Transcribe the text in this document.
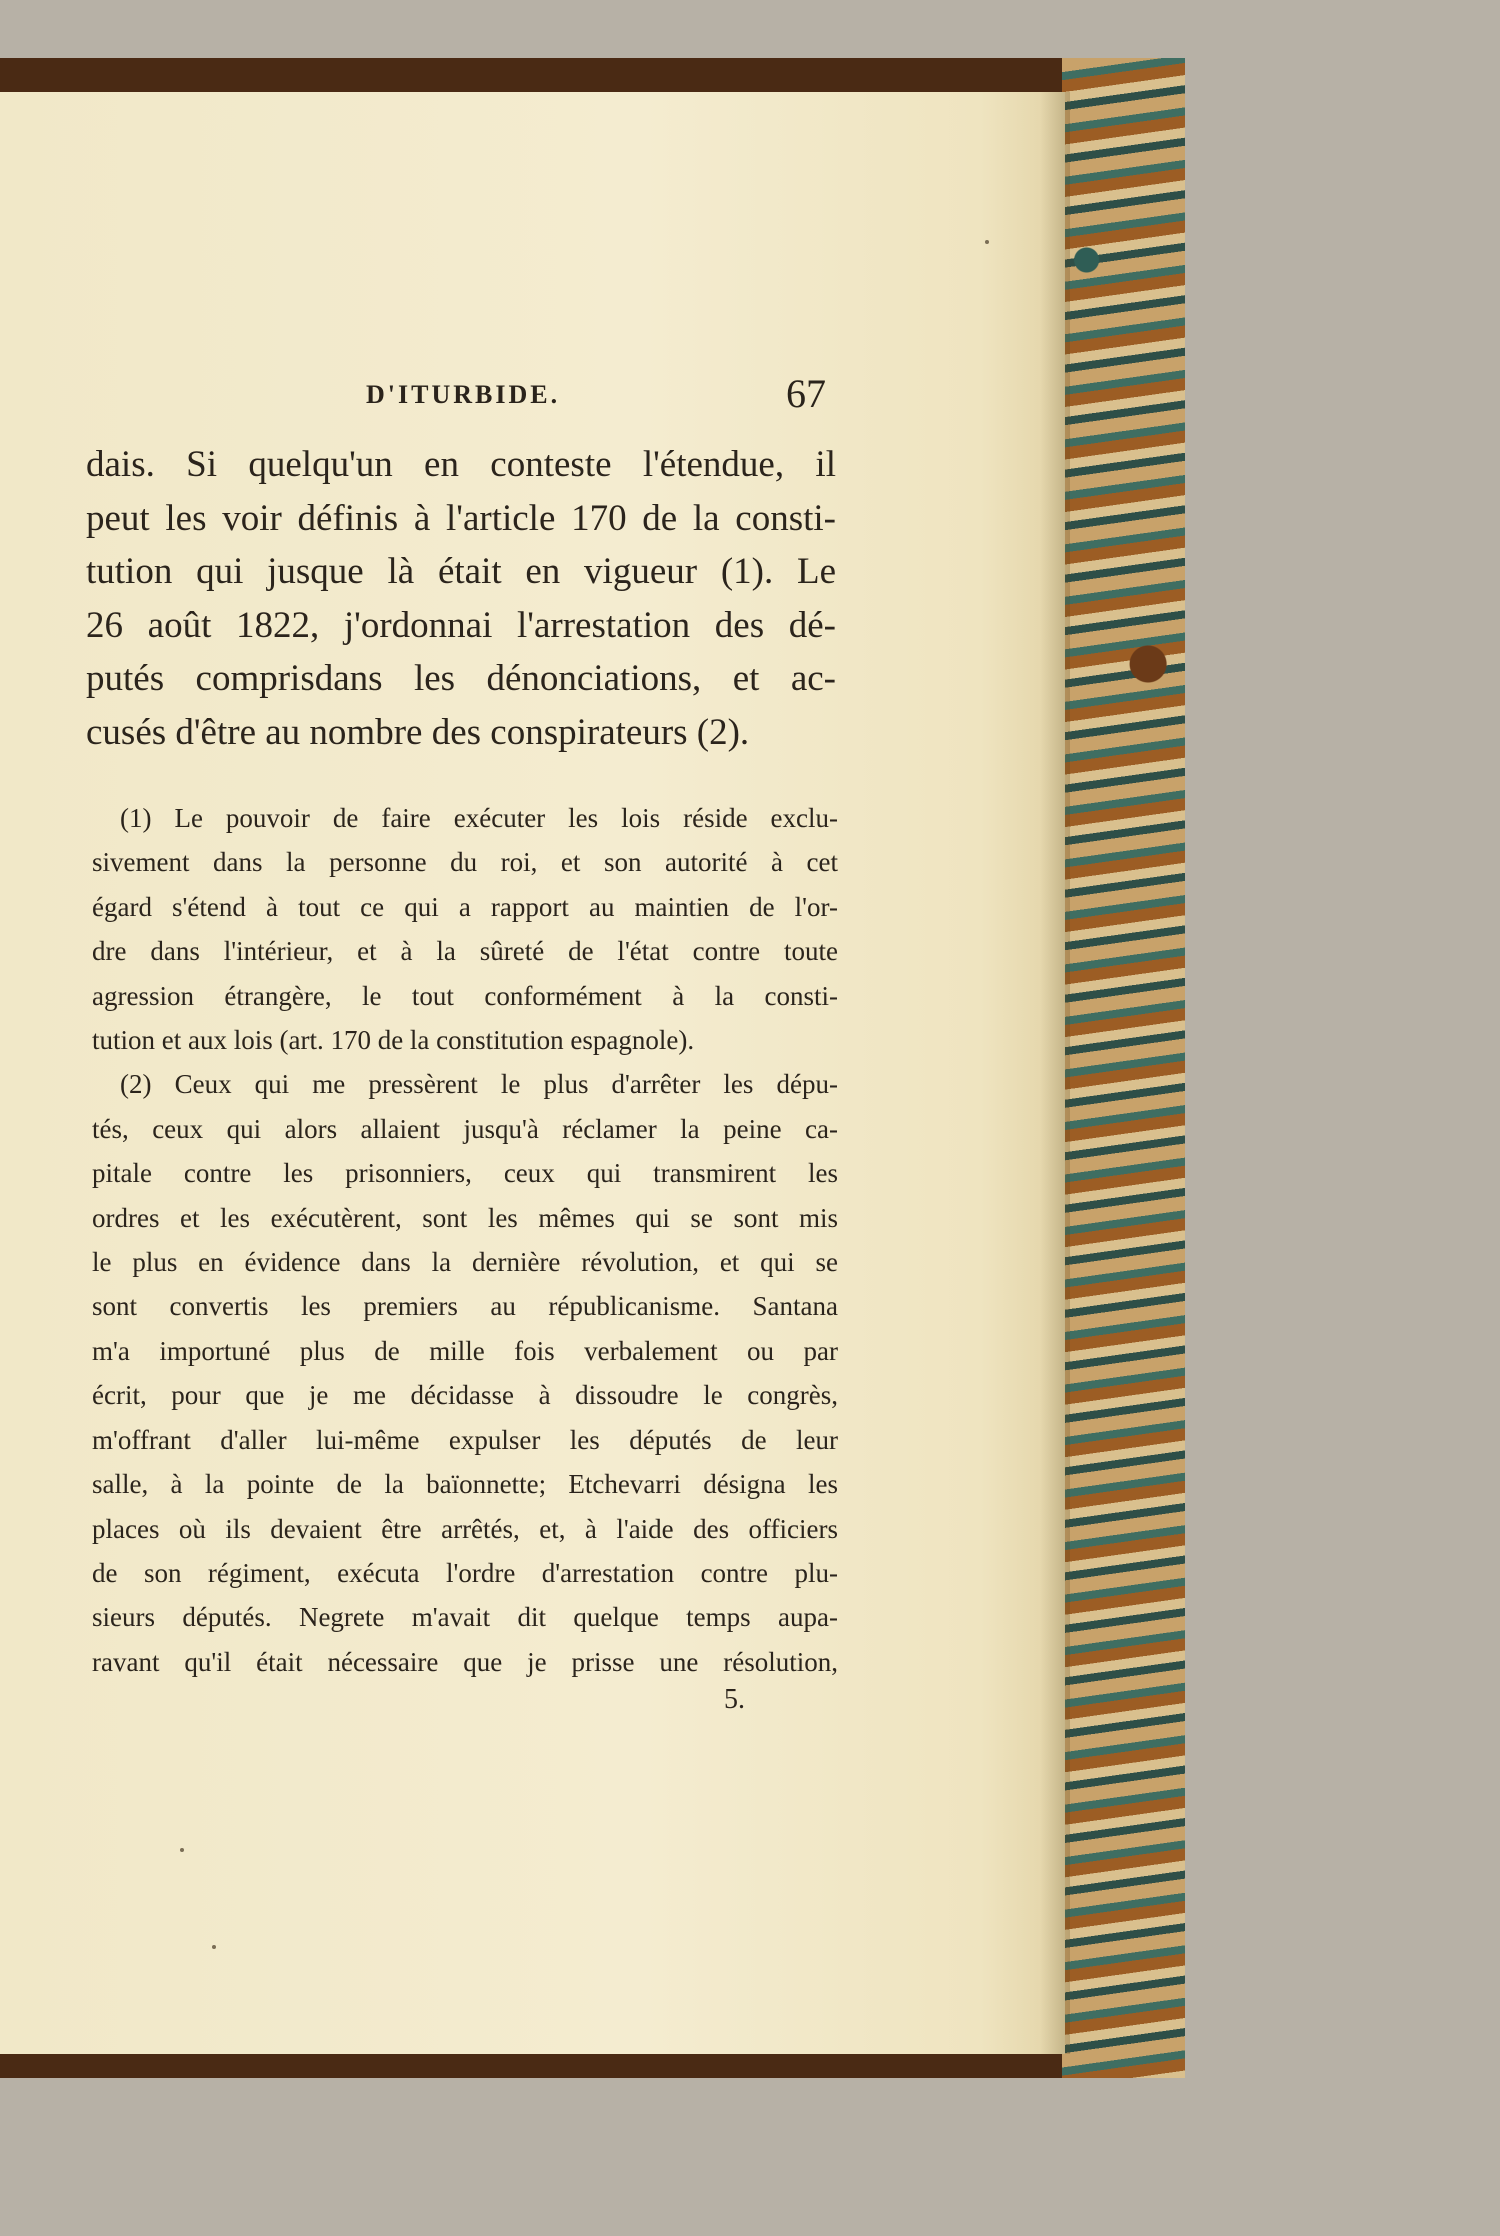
D'ITURBIDE.	67
dais. Si quelqu'un en conteste l'étendue, il
peut les voir définis à l'article 170 de la consti-
tution qui jusque là était en vigueur (1). Le
26 août 1822, j'ordonnai l'arrestation des dé-
putés comprisdans les dénonciations, et ac-
cusés d'être au nombre des conspirateurs (2).
(1) Le pouvoir de faire exécuter les lois réside exclu-
sivement dans la personne du roi, et son autorité à cet
égard s'étend à tout ce qui a rapport au maintien de l'or-
dre dans l'intérieur, et à la sûreté de l'état contre toute
agression étrangère, le tout conformément à la consti-
tution et aux lois (art. 170 de la constitution espagnole).
(2) Ceux qui me pressèrent le plus d'arrêter les dépu-
tés, ceux qui alors allaient jusqu'à réclamer la peine ca-
pitale contre les prisonniers, ceux qui transmirent les
ordres et les exécutèrent, sont les mêmes qui se sont mis
le plus en évidence dans la dernière révolution, et qui se
sont convertis les premiers au républicanisme. Santana
m'a importuné plus de mille fois verbalement ou par
écrit, pour que je me décidasse à dissoudre le congrès,
m'offrant d'aller lui-même expulser les députés de leur
salle, à la pointe de la baïonnette; Etchevarri désigna les
places où ils devaient être arrêtés, et, à l'aide des officiers
de son régiment, exécuta l'ordre d'arrestation contre plu-
sieurs députés. Negrete m'avait dit quelque temps aupa-
ravant qu'il était nécessaire que je prisse une résolution,
5.
